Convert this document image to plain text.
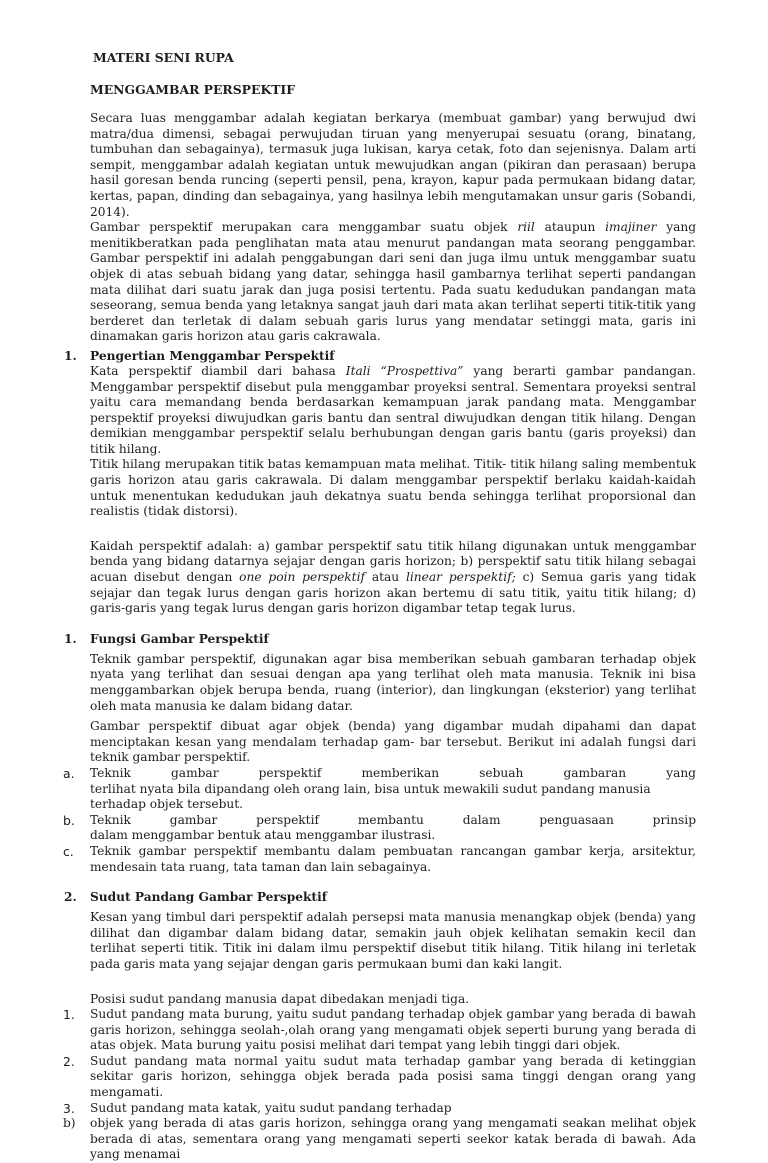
MATERI SENI RUPA
MENGGAMBAR PERSPEKTIF

Secara luas menggambar adalah kegiatan berkarya (membuat gambar) yang berwujud dwi matra/dua dimensi, sebagai perwujudan tiruan yang menyerupai sesuatu (orang, binatang, tumbuhan dan sebagainya), termasuk juga lukisan, karya cetak, foto dan sejenisnya. Dalam arti sempit, menggambar adalah kegiatan untuk mewujudkan angan (pikiran dan perasaan) berupa hasil goresan benda runcing (seperti pensil, pena, krayon, kapur pada permukaan bidang datar, kertas, papan, dinding dan sebagainya, yang hasilnya lebih mengutamakan unsur garis (Sobandi, 2014).

Gambar perspektif merupakan cara menggambar suatu objek riil ataupun imajiner yang menitikberatkan pada penglihatan mata atau menurut pandangan mata seorang penggambar. Gambar perspektif ini adalah penggabungan dari seni dan juga ilmu untuk menggambar suatu objek di atas sebuah bidang yang datar, sehingga hasil gambarnya terlihat seperti pandangan mata dilihat dari suatu jarak dan juga posisi tertentu. Pada suatu kedudukan pandangan mata seseorang, semua benda yang letaknya sangat jauh dari mata akan terlihat seperti titik-titik yang berderet dan terletak di dalam sebuah garis lurus yang mendatar setinggi mata, garis ini dinamakan garis horizon atau garis cakrawala.

1.	Pengertian Menggambar Perspektif

Kata perspektif diambil dari bahasa Itali “Prospettiva” yang berarti gambar pandangan. Menggambar perspektif disebut pula menggambar proyeksi sentral. Sementara proyeksi sentral yaitu cara memandang benda berdasarkan kemampuan jarak pandang mata. Menggambar perspektif proyeksi diwujudkan garis bantu dan sentral diwujudkan dengan titik hilang. Dengan demikian menggambar perspektif selalu berhubungan dengan garis bantu (garis proyeksi) dan titik hilang.

Titik hilang merupakan titik batas kemampuan mata melihat. Titik- titik hilang saling membentuk garis horizon atau garis cakrawala. Di dalam menggambar perspektif berlaku kaidah-kaidah untuk menentukan kedudukan jauh dekatnya suatu benda sehingga terlihat proporsional dan realistis (tidak distorsi).

Kaidah perspektif adalah: a) gambar perspektif satu titik hilang digunakan untuk menggambar benda yang bidang datarnya sejajar dengan garis horizon; b) perspektif satu titik hilang sebagai acuan disebut dengan one poin perspektif atau linear perspektif; c) Semua garis yang tidak sejajar dan tegak lurus dengan garis horizon akan bertemu di satu titik, yaitu titik hilang; d) garis-garis yang tegak lurus dengan garis horizon digambar tetap tegak lurus.

1.	Fungsi Gambar Perspektif

Teknik gambar perspektif, digunakan agar bisa memberikan sebuah gambaran terhadap objek nyata yang terlihat dan sesuai dengan apa yang terlihat oleh mata manusia. Teknik ini bisa menggambarkan objek berupa benda, ruang (interior), dan lingkungan (eksterior) yang terlihat oleh mata manusia ke dalam bidang datar.

Gambar perspektif dibuat agar objek (benda) yang digambar mudah dipahami dan dapat menciptakan kesan yang mendalam terhadap gam- bar tersebut. Berikut ini adalah fungsi dari teknik gambar perspektif.

a.	Teknik gambar perspektif memberikan sebuah gambaran yang

terlihat nyata bila dipandang oleh orang lain, bisa untuk mewakili sudut pandang manusia terhadap objek tersebut.

b.	Teknik gambar perspektif membantu dalam penguasaan prinsip

dalam menggambar bentuk atau menggambar ilustrasi.

c.	Teknik gambar perspektif membantu dalam pembuatan rancangan gambar kerja, arsitektur, mendesain tata ruang, tata taman dan lain sebagainya.

2.	Sudut Pandang Gambar Perspektif

Kesan yang timbul dari perspektif adalah persepsi mata manusia menangkap objek (benda) yang dilihat dan digambar dalam bidang datar, semakin jauh objek kelihatan semakin kecil dan terlihat seperti titik. Titik ini dalam ilmu perspektif disebut titik hilang. Titik hilang ini terletak pada garis mata yang sejajar dengan garis permukaan bumi dan kaki langit.

Posisi sudut pandang manusia dapat dibedakan menjadi tiga.

1.	Sudut pandang mata burung, yaitu sudut pandang terhadap objek gambar yang berada di bawah garis horizon, sehingga seolah-,olah orang yang mengamati objek seperti burung yang berada di atas objek. Mata burung yaitu posisi melihat dari tempat yang lebih tinggi dari objek.

2.	Sudut pandang mata normal yaitu sudut mata terhadap gambar yang berada di ketinggian sekitar garis horizon, sehingga objek berada pada posisi sama tinggi dengan orang yang mengamati.

3.	Sudut pandang mata katak, yaitu sudut pandang terhadap

b)	objek yang berada di atas garis horizon, sehingga orang yang mengamati seakan melihat objek berada di atas, sementara orang yang mengamati seperti seekor katak berada di bawah. Ada yang menamai
